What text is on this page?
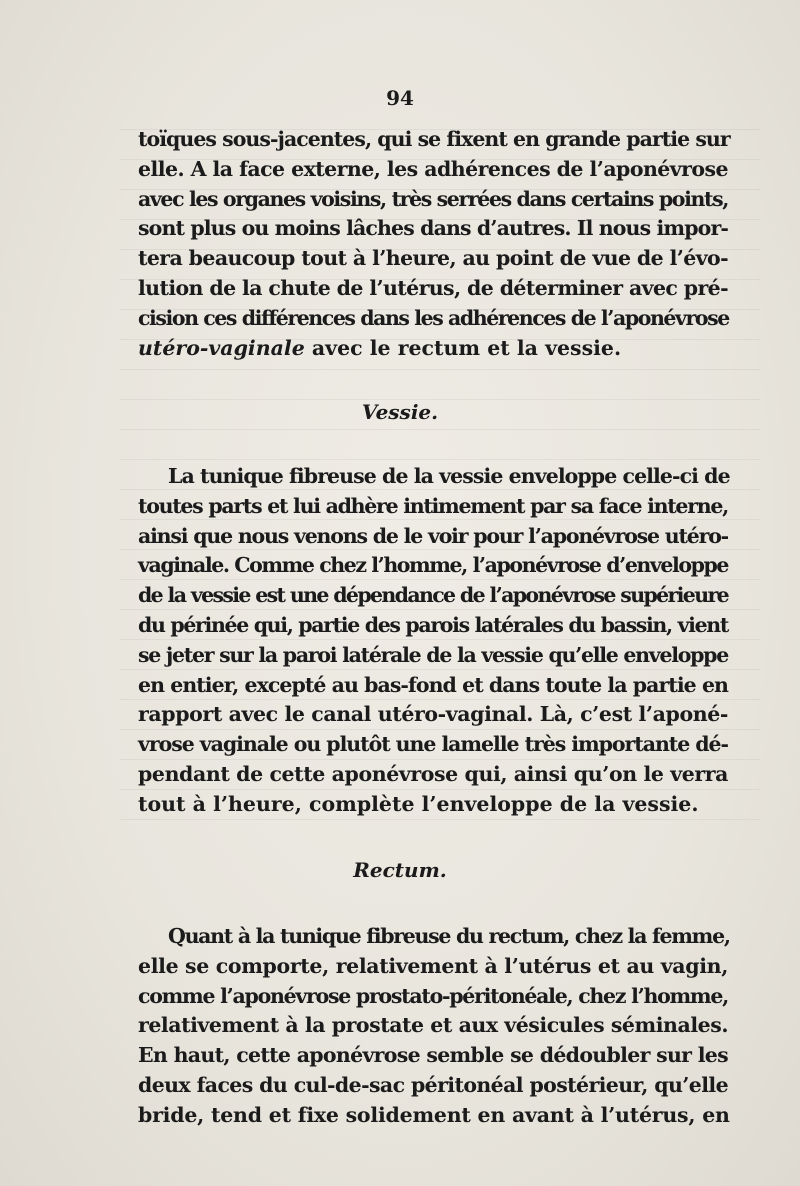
94
toïques sous-jacentes, qui se fixent en grande partie sur
elle. A la face externe, les adhérences de l’aponévrose
avec les organes voisins, très serrées dans certains points,
sont plus ou moins lâches dans d’autres. Il nous impor-
tera beaucoup tout à l’heure, au point de vue de l’évo-
lution de la chute de l’utérus, de déterminer avec pré-
cision ces différences dans les adhérences de l’aponévrose
utéro-vaginale avec le rectum et la vessie.
Vessie.
La tunique fibreuse de la vessie enveloppe celle-ci de
toutes parts et lui adhère intimement par sa face interne,
ainsi que nous venons de le voir pour l’aponévrose utéro-
vaginale. Comme chez l’homme, l’aponévrose d’enveloppe
de la vessie est une dépendance de l’aponévrose supérieure
du périnée qui, partie des parois latérales du bassin, vient
se jeter sur la paroi latérale de la vessie qu’elle enveloppe
en entier, excepté au bas-fond et dans toute la partie en
rapport avec le canal utéro-vaginal. Là, c’est l’aponé-
vrose vaginale ou plutôt une lamelle très importante dé-
pendant de cette aponévrose qui, ainsi qu’on le verra
tout à l’heure, complète l’enveloppe de la vessie.
Rectum.
Quant à la tunique fibreuse du rectum, chez la femme,
elle se comporte, relativement à l’utérus et au vagin,
comme l’aponévrose prostato-péritonéale, chez l’homme,
relativement à la prostate et aux vésicules séminales.
En haut, cette aponévrose semble se dédoubler sur les
deux faces du cul-de-sac péritonéal postérieur, qu’elle
bride, tend et fixe solidement en avant à l’utérus, en
